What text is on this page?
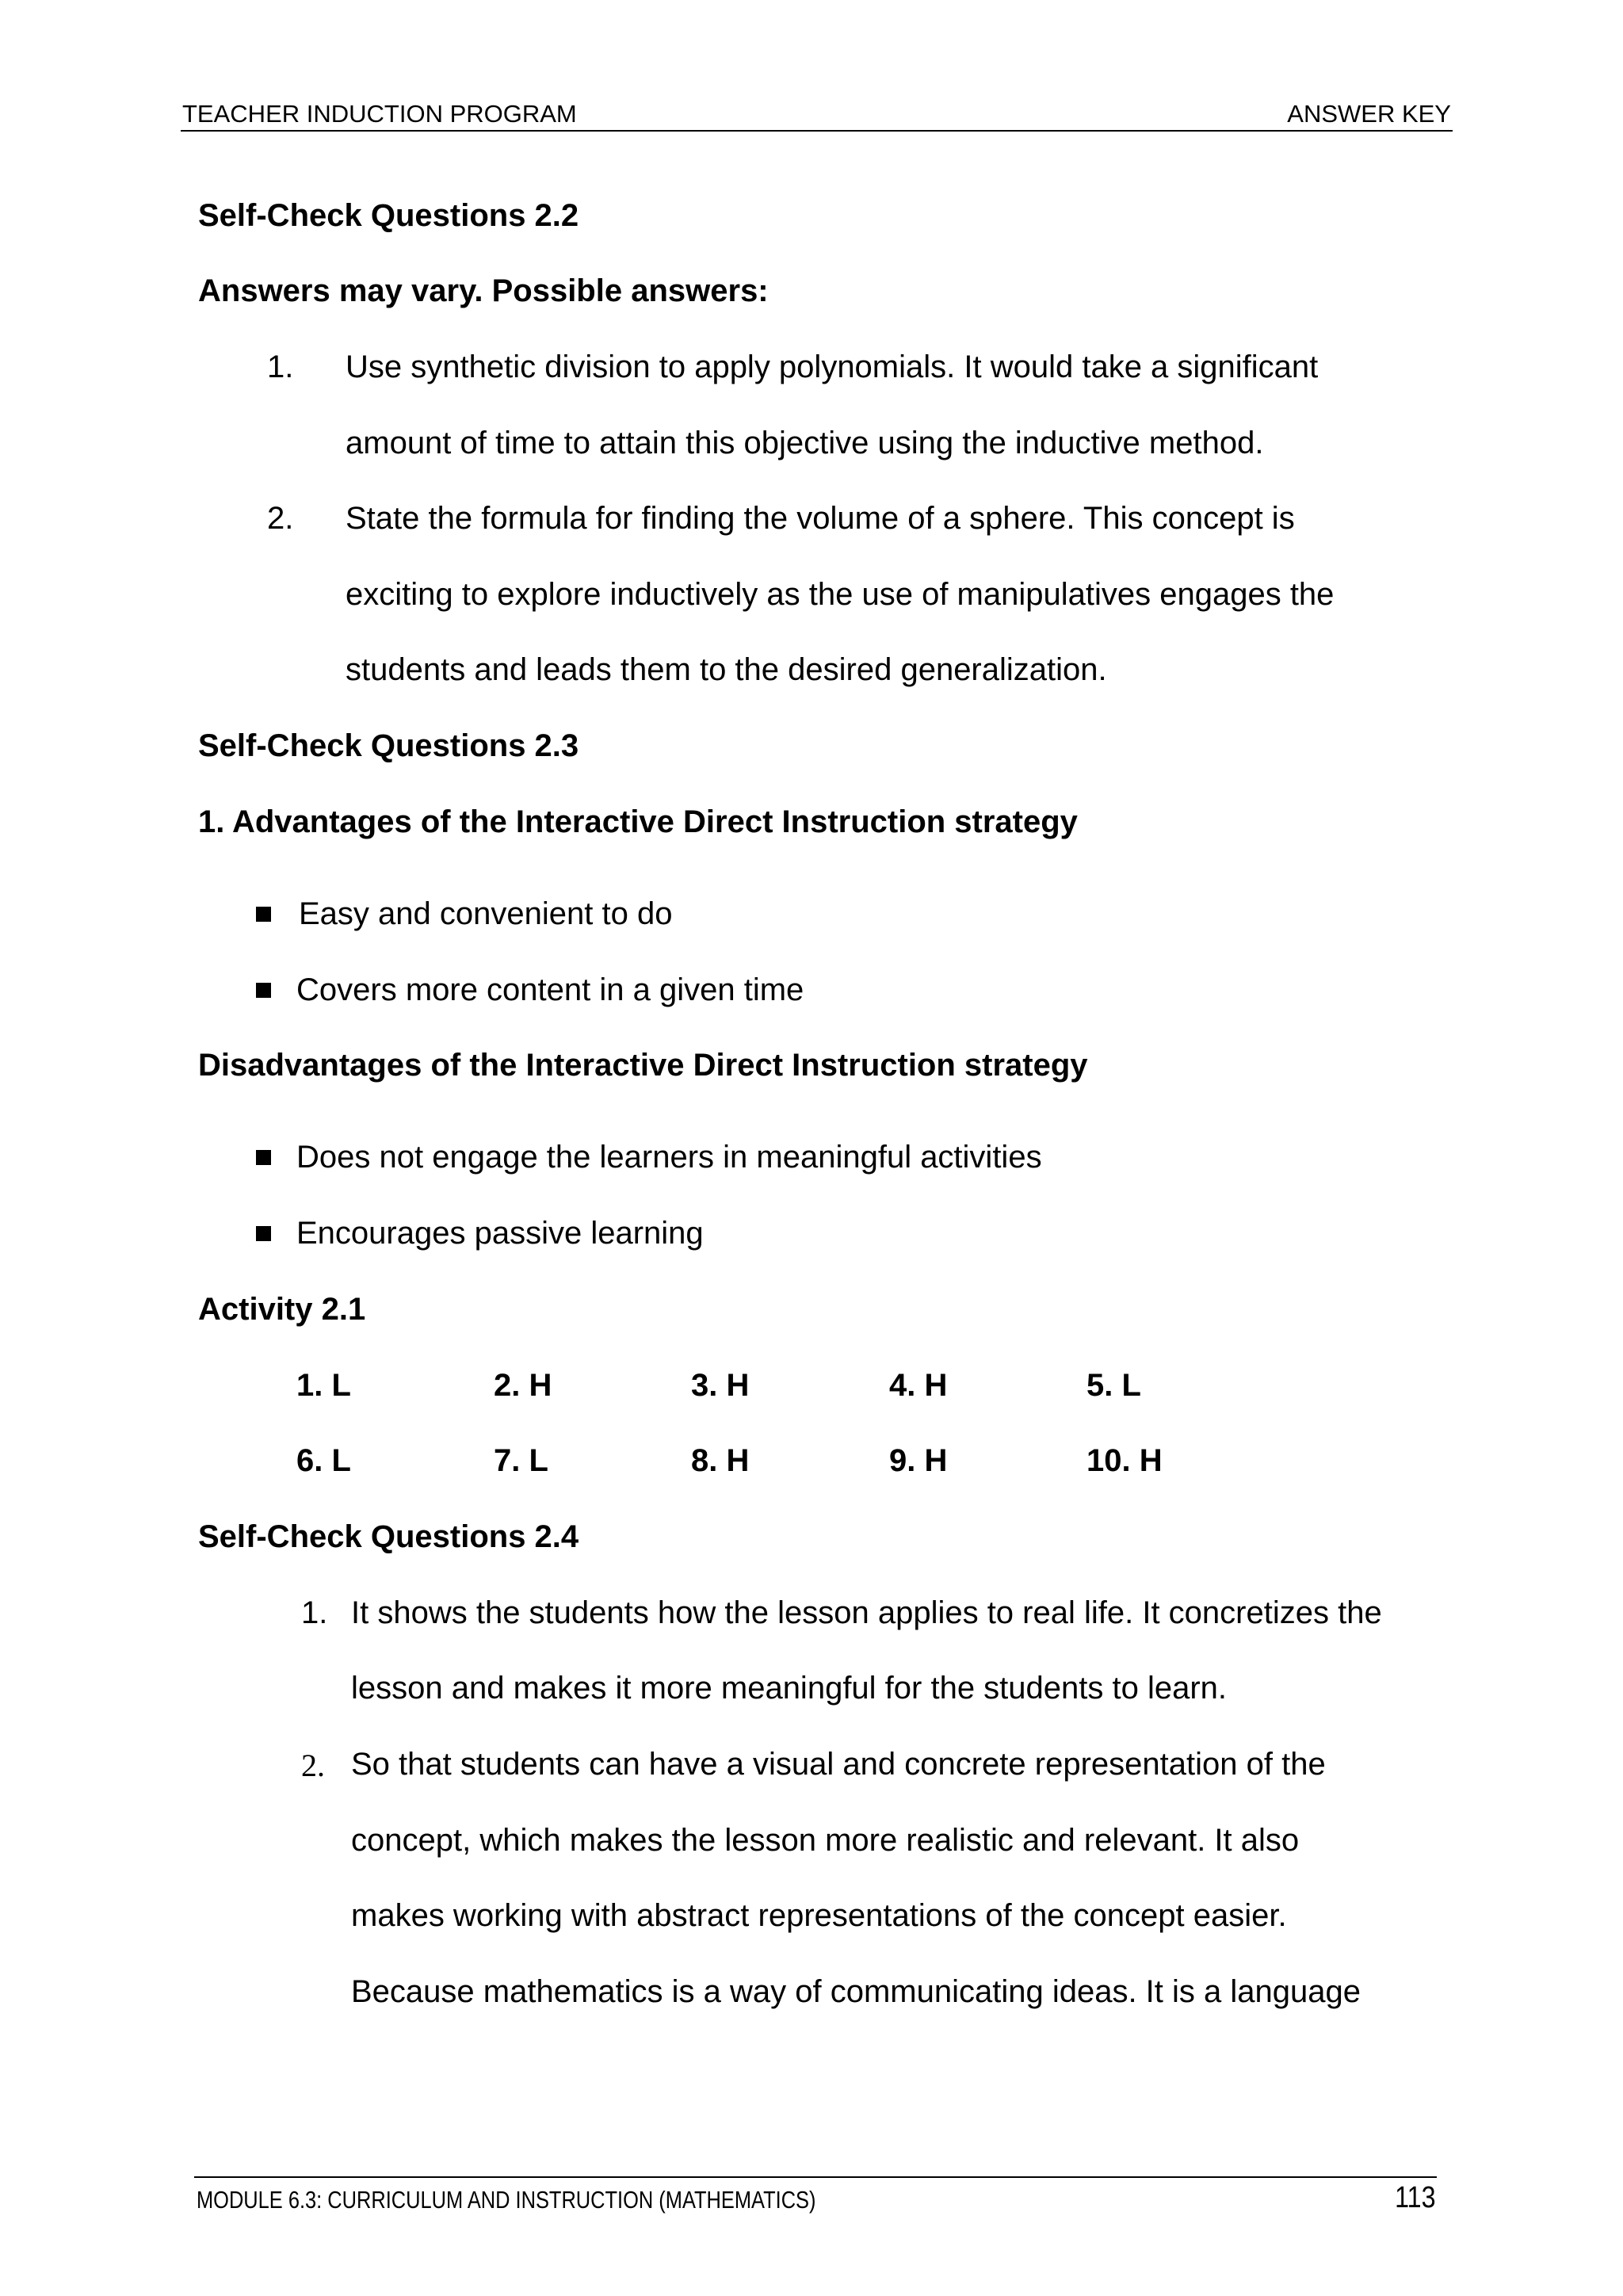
TEACHER INDUCTION PROGRAM	ANSWER KEY
Self-Check Questions 2.2
Answers may vary. Possible answers:
1. Use synthetic division to apply polynomials. It would take a significant
amount of time to attain this objective using the inductive method.
2. State the formula for finding the volume of a sphere. This concept is
exciting to explore inductively as the use of manipulatives engages the
students and leads them to the desired generalization.
Self-Check Questions 2.3
1. Advantages of the Interactive Direct Instruction strategy
Easy and convenient to do
Covers more content in a given time
Disadvantages of the Interactive Direct Instruction strategy
Does not engage the learners in meaningful activities
Encourages passive learning
Activity 2.1
1. L	2. H	3. H	4. H	5. L
6. L	7. L	8. H	9. H	10. H
Self-Check Questions 2.4
1. It shows the students how the lesson applies to real life. It concretizes the
lesson and makes it more meaningful for the students to learn.
2. So that students can have a visual and concrete representation of the
concept, which makes the lesson more realistic and relevant. It also
makes working with abstract representations of the concept easier.
Because mathematics is a way of communicating ideas. It is a language
MODULE 6.3: CURRICULUM AND INSTRUCTION (MATHEMATICS)	113
